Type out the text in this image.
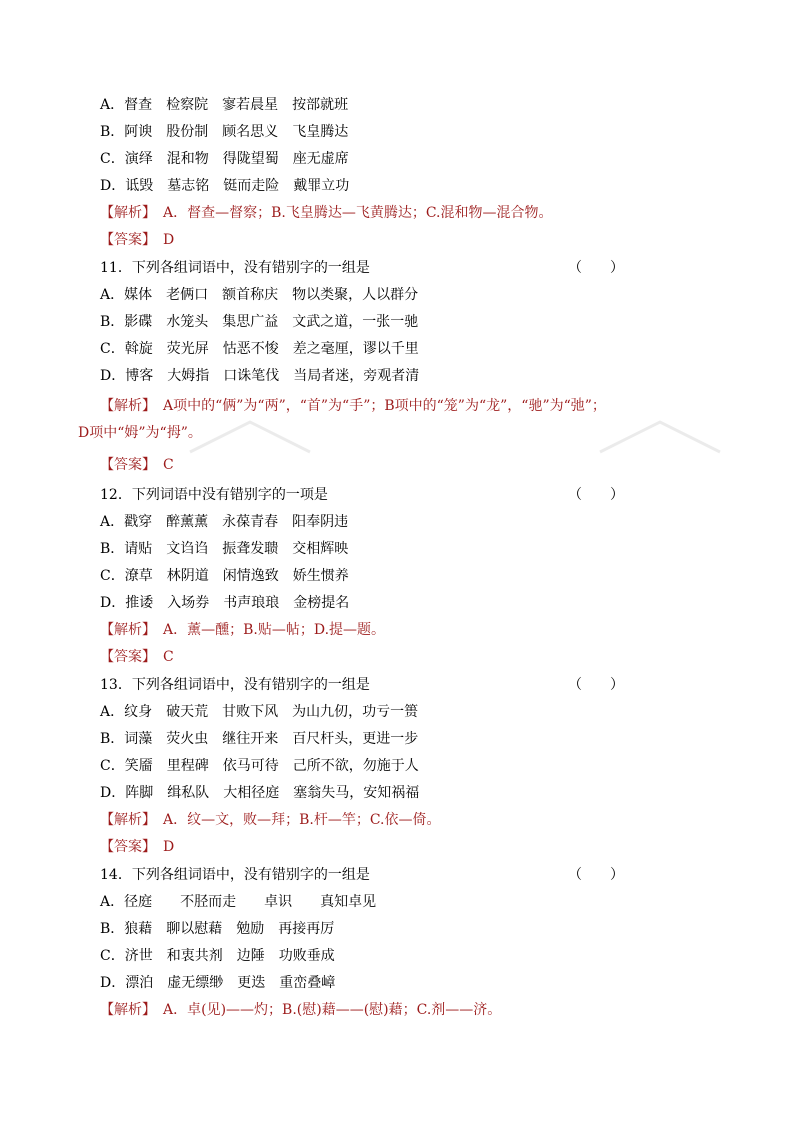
A．督查　检察院　寥若晨星　按部就班
B．阿谀　股份制　顾名思义　飞皇腾达
C．演绎　混和物　得陇望蜀　座无虚席
D．诋毁　墓志铭　铤而走险　戴罪立功
【解析】　A．督查—督察；B.飞皇腾达—飞黄腾达；C.混和物—混合物。
【答案】　D
11．下列各组词语中，没有错别字的一组是	（　　）
A．媒体　老俩口　额首称庆　物以类聚，人以群分
B．影碟　水笼头　集思广益　文武之道，一张一驰
C．斡旋　荧光屏　怙恶不悛　差之毫厘，谬以千里
D．博客　大姆指　口诛笔伐　当局者迷，旁观者清
【解析】　A项中的“俩”为“两”，“首”为“手”；B项中的“笼”为“龙”，“驰”为“弛”；
D项中“姆”为“拇”。
【答案】　C
12．下列词语中没有错别字的一项是	（　　）
A．戳穿　醉薰薰　永葆青春　阳奉阴违
B．请贴　文诌诌　振聋发聩　交相辉映
C．潦草　林阴道　闲情逸致　娇生惯养
D．推诿　入场券　书声琅琅　金榜提名
【解析】　A．薰—醺；B.贴—帖；D.提—题。
【答案】　C
13．下列各组词语中，没有错别字的一组是	（　　）
A．纹身　破天荒　甘败下风　为山九仞，功亏一篑
B．词藻　荧火虫　继往开来　百尺杆头，更进一步
C．笑靥　里程碑　依马可待　己所不欲，勿施于人
D．阵脚　缉私队　大相径庭　塞翁失马，安知祸福
【解析】　A．纹—文，败—拜；B.杆—竿；C.依—倚。
【答案】　D
14．下列各组词语中，没有错别字的一组是	（　　）
A．径庭　　不胫而走　　卓识　　真知卓见
B．狼藉　聊以慰藉　勉励　再接再厉
C．济世　和衷共剂　边陲　功败垂成
D．漂泊　虚无缥缈　更迭　重峦叠嶂
【解析】　A．卓(见)——灼；B.(慰)藉——(慰)藉；C.剂——济。
